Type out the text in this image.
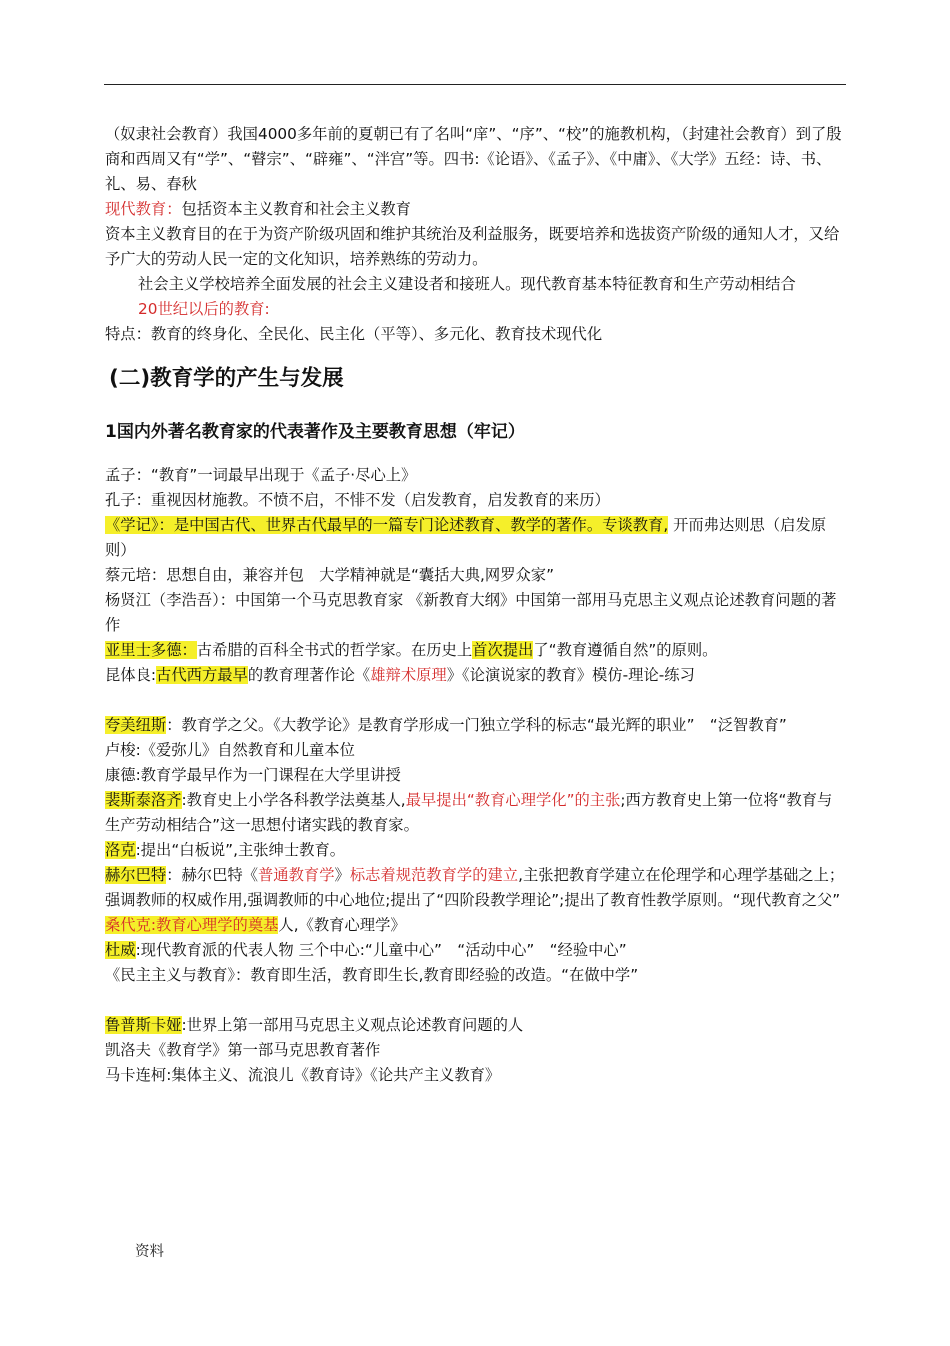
（奴隶社会教育）我国4000多年前的夏朝已有了名叫“庠”、“序”、“校”的施教机构，（封建社会教育）到了殷商和西周又有“学”、“瞽宗”、“辟雍”、“泮宫”等。四书:《论语》、《孟子》、《中庸》、《大学》五经：诗、书、礼、易、春秋

现代教育：包括资本主义教育和社会主义教育

资本主义教育目的在于为资产阶级巩固和维护其统治及利益服务，既要培养和选拔资产阶级的通知人才，又给予广大的劳动人民一定的文化知识，培养熟练的劳动力。

社会主义学校培养全面发展的社会主义建设者和接班人。现代教育基本特征教育和生产劳动相结合

20世纪以后的教育:

特点：教育的终身化、全民化、民主化（平等）、多元化、教育技术现代化

(二)教育学的产生与发展
1国内外著名教育家的代表著作及主要教育思想（牢记）

孟子：“教育”一词最早出现于《孟子·尽心上》

孔子：重视因材施教。不愤不启，不悱不发（启发教育，启发教育的来历）

《学记》：是中国古代、世界古代最早的一篇专门论述教育、教学的著作。专谈教育, 开而弗达则思（启发原则）

蔡元培：思想自由，兼容并包　大学精神就是“囊括大典,网罗众家”

杨贤江（李浩吾）：中国第一个马克思教育家 《新教育大纲》中国第一部用马克思主义观点论述教育问题的著作

亚里士多德：古希腊的百科全书式的哲学家。在历史上首次提出了“教育遵循自然”的原则。

昆体良:古代西方最早的教育理著作论《雄辩术原理》《论演说家的教育》模仿-理论-练习

夸美纽斯：教育学之父。《大教学论》是教育学形成一门独立学科的标志“最光辉的职业”　“泛智教育”

卢梭:《爱弥儿》自然教育和儿童本位

康德:教育学最早作为一门课程在大学里讲授

裴斯泰洛齐:教育史上小学各科教学法奠基人,最早提出“教育心理学化”的主张;西方教育史上第一位将“教育与生产劳动相结合”这一思想付诸实践的教育家。

洛克:提出“白板说”,主张绅士教育。

赫尔巴特：赫尔巴特《普通教育学》标志着规范教育学的建立,主张把教育学建立在伦理学和心理学基础之上；强调教师的权威作用,强调教师的中心地位;提出了“四阶段教学理论”;提出了教育性教学原则。“现代教育之父”

桑代克:教育心理学的奠基人,《教育心理学》

杜威:现代教育派的代表人物 三个中心:“儿童中心”　“活动中心”　“经验中心”

《民主主义与教育》：教育即生活，教育即生长,教育即经验的改造。“在做中学”

鲁普斯卡娅:世界上第一部用马克思主义观点论述教育问题的人

凯洛夫《教育学》第一部马克思教育著作

马卡连柯:集体主义、流浪儿《教育诗》《论共产主义教育》

资料
